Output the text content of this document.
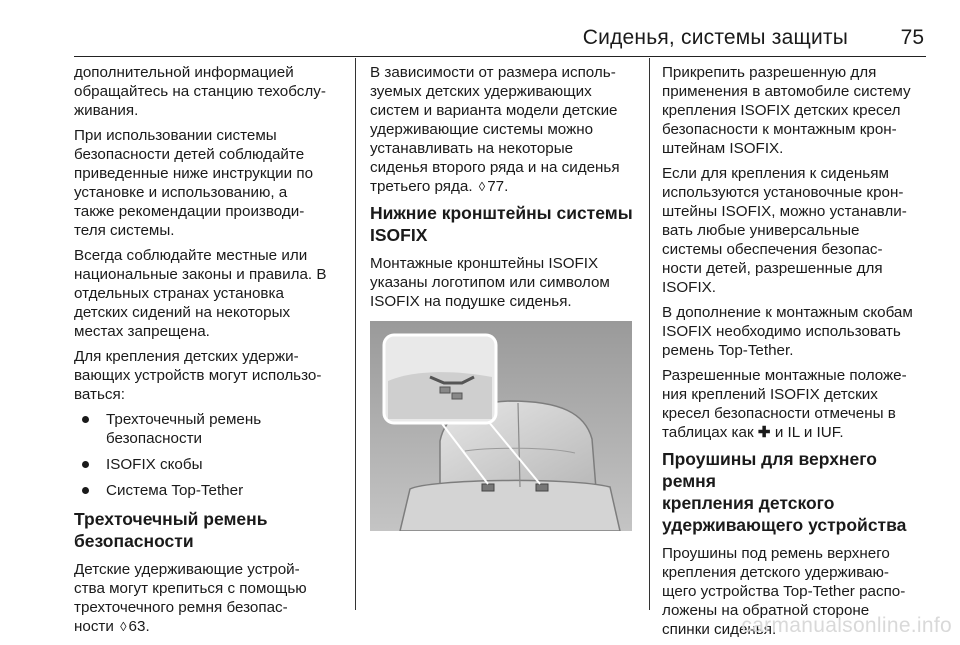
Сиденья, системы защиты	75

дополнительной информацией
обращайтесь на станцию техобслу‐
живания.

При использовании системы
безопасности детей соблюдайте
приведенные ниже инструкции по
установке и использованию, а
также рекомендации производи‐
теля системы.

Всегда соблюдайте местные или
национальные законы и правила. В
отдельных странах установка
детских сидений на некоторых
местах запрещена.

Для крепления детских удержи‐
вающих устройств могут использо‐
ваться:

Трехточечный ремень
безопасности
ISOFIX скобы
Система Top-Tether
Трехточечный ремень
безопасности

Детские удерживающие устрой‐
ства могут крепиться с помощью
трехточечного ремня безопас‐
ности ◊ 63.

В зависимости от размера исполь‐
зуемых детских удерживающих
систем и варианта модели детские
удерживающие системы можно
устанавливать на некоторые
сиденья второго ряда и на сиденья
третьего ряда. ◊ 77.

Нижние кронштейны системы
ISOFIX

Монтажные кронштейны ISOFIX
указаны логотипом или символом
ISOFIX на подушке сиденья.

Прикрепить разрешенную для
применения в автомобиле систему
крепления ISOFIX детских кресел
безопасности к монтажным крон‐
штейнам ISOFIX.

Если для крепления к сиденьям
используются установочные крон‐
штейны ISOFIX, можно устанавли‐
вать любые универсальные
системы обеспечения безопас‐
ности детей, разрешенные для
ISOFIX.

В дополнение к монтажным скобам
ISOFIX необходимо использовать
ремень Top-Tether.

Разрешенные монтажные положе‐
ния креплений ISOFIX детских
кресел безопасности отмечены в
таблицах как ✚ и IL и IUF.

Проушины для верхнего ремня
крепления детского
удерживающего устройства

Проушины под ремень верхнего
крепления детского удерживаю‐
щего устройства Top-Tether распо‐
ложены на обратной стороне
спинки сиденья.

carmanualsonline.info
